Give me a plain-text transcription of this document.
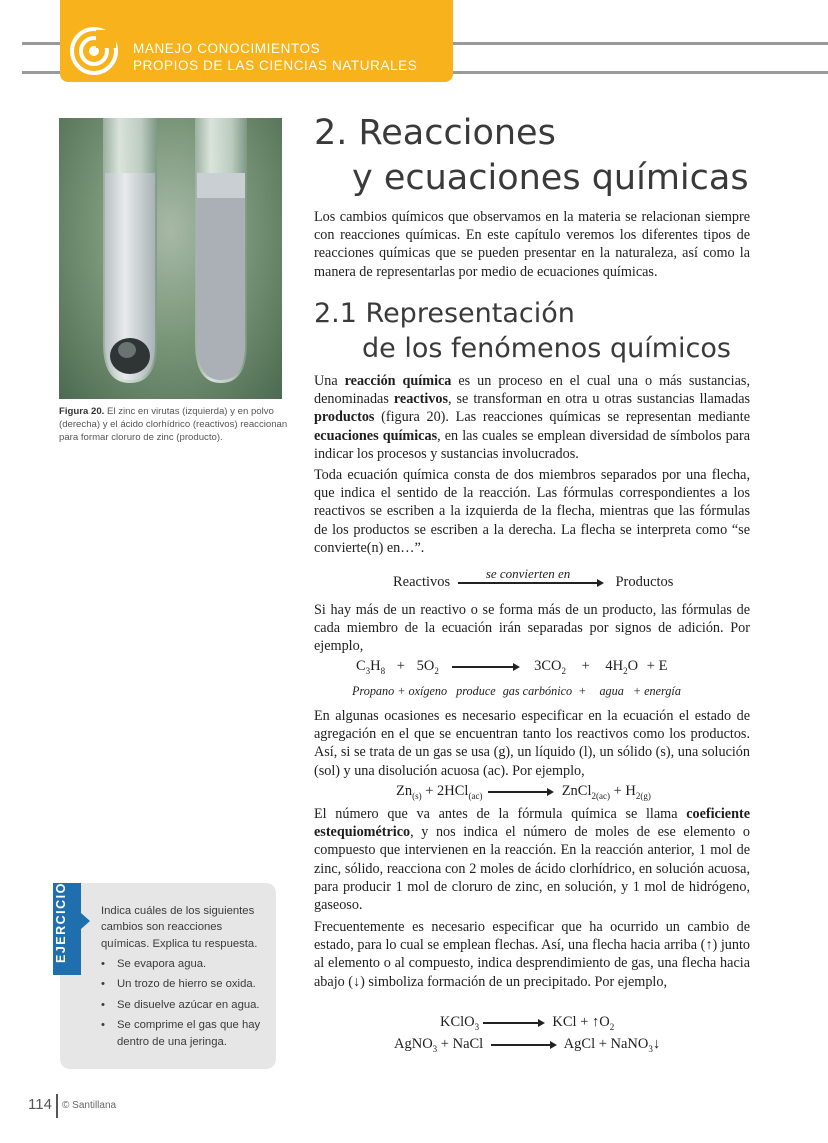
MANEJO CONOCIMIENTOS
PROPIOS DE LAS CIENCIAS NATURALES
Figura 20. El zinc en virutas (izquierda) y en polvo (derecha) y el ácido clorhídrico (reactivos) reaccionan para formar cloruro de zinc (producto).
2. Reacciones
y ecuaciones químicas

Los cambios químicos que observamos en la materia se relacionan siempre con reacciones químicas. En este capítulo veremos los diferentes tipos de reacciones químicas que se pueden presentar en la naturaleza, así como la manera de representarlas por medio de ecuaciones químicas.

2.1 Representación
de los fenómenos químicos

Una reacción química es un proceso en el cual una o más sustancias, denominadas reactivos, se transforman en otra u otras sustancias llamadas productos (figura 20). Las reacciones químicas se representan mediante ecuaciones químicas, en las cuales se emplean diversidad de símbolos para indicar los procesos y sustancias involucrados.

Toda ecuación química consta de dos miembros separados por una flecha, que indica el sentido de la reacción. Las fórmulas correspondientes a los reactivos se escriben a la izquierda de la flecha, mientras que las fórmulas de los productos se escriben a la derecha. La flecha se interpreta como “se convierte(n) en…”.

Reactivos
se convierten en
Productos

Si hay más de un reactivo o se forma más de un producto, las fórmulas de cada miembro de la ecuación irán separadas por signos de adición. Por ejemplo,

$C_3H_8 + 5O_2$	$3CO_2 + 4H_2O + E$
Propano + oxígeno produce gas carbónico + agua + energía

En algunas ocasiones es necesario especificar en la ecuación el estado de agregación en el que se encuentran tanto los reactivos como los productos. Así, si se trata de un gas se usa (g), un líquido (l), un sólido (s), una solución (sol) y una disolución acuosa (ac). Por ejemplo,

$Zn_{(s)} + 2HCl_{(ac)}$	ZnCl$_{2(ac)}$ + $H_{2(g)}$

El número que va antes de la fórmula química se llama coeficiente estequiométrico, y nos indica el número de moles de ese elemento o compuesto que intervienen en la reacción. En la reacción anterior, 1 mol de zinc, sólido, reacciona con 2 moles de ácido clorhídrico, en solución acuosa, para producir 1 mol de cloruro de zinc, en solución, y 1 mol de hidrógeno, gaseoso.

Frecuentemente es necesario especificar que ha ocurrido un cambio de estado, para lo cual se emplean flechas. Así, una flecha hacia arriba (↑) junto al elemento o al compuesto, indica desprendimiento de gas, una flecha hacia abajo (↓) simboliza formación de un precipitado. Por ejemplo,

KClO$_3$	KCl + $↑O_2$
AgNO$_3$ + NaCl	AgCl + NaNO$_3$↓
EJERCICIO	Indica cuáles de los siguientes cambios son reacciones químicas. Explica tu respuesta.
• Se evapora agua.
• Un trozo de hierro se oxida.
• Se disuelve azúcar en agua.
• Se comprime el gas que hay dentro de una jeringa.
114 © Santillana
